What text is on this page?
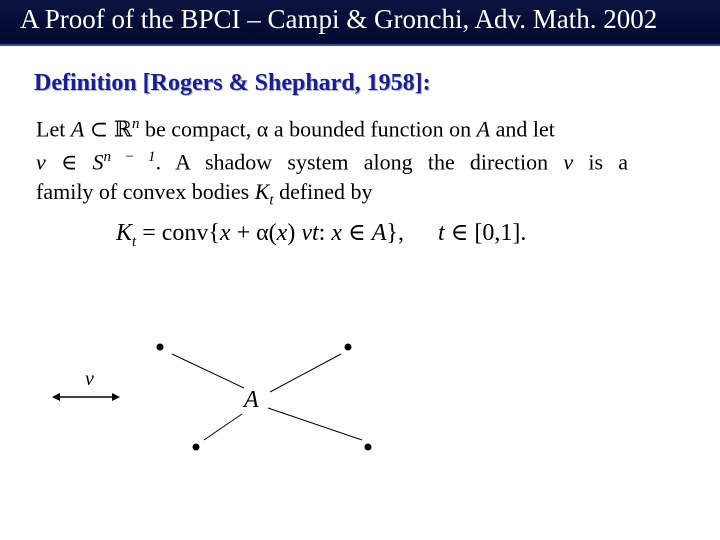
A Proof of the BPCI – Campi & Gronchi, Adv. Math. 2002
Definition [Rogers & Shephard, 1958]:
Let A ⊂ ℝ$^n$ be compact, α a bounded function on A and let
v ∈ $S^{n - 1}$. A shadow system along the direction v is a
family of convex bodies $K_t$ defined by
$K_t$ = conv{x + α(x) vt: x ∈ A}, t ∈ [0,1].
v
A
